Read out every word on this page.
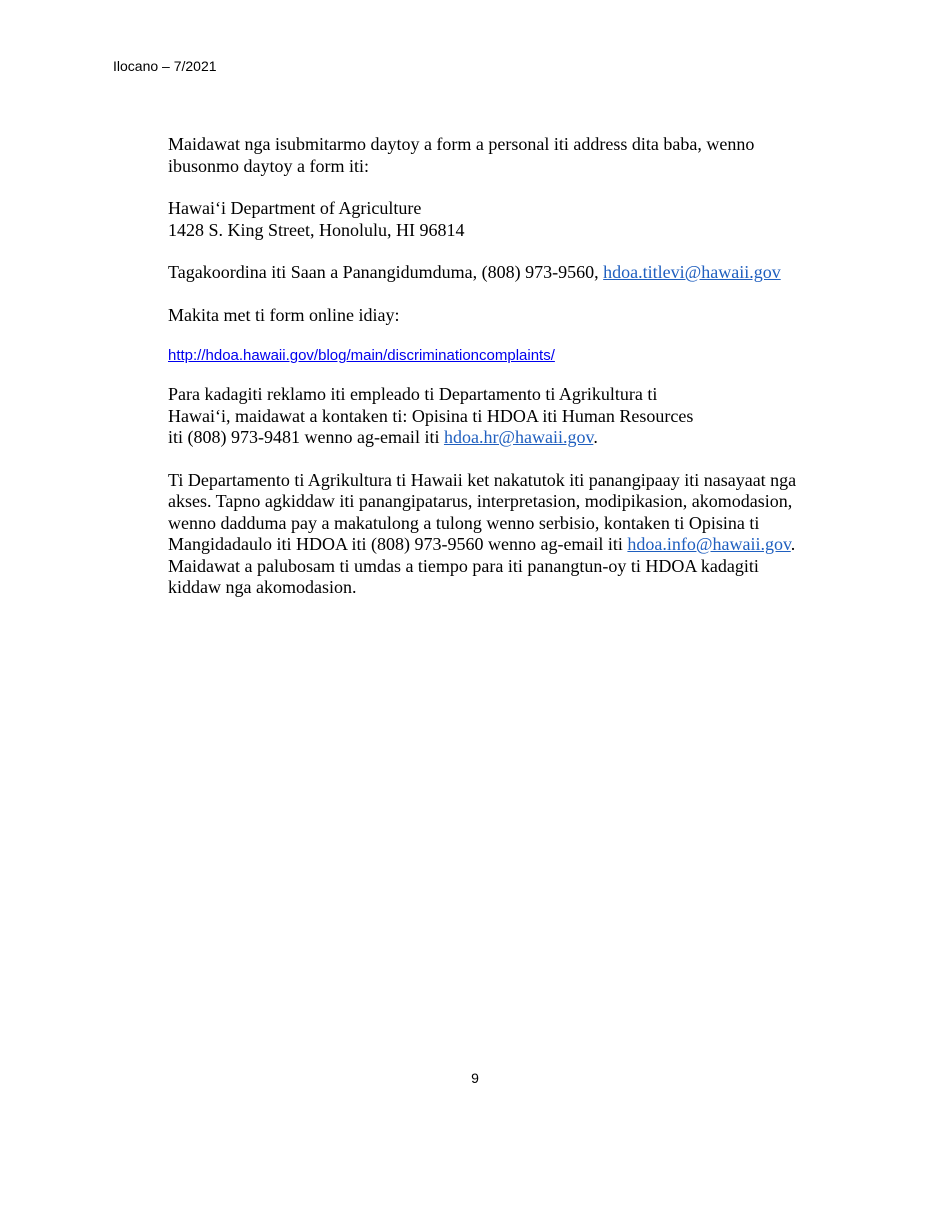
Ilocano – 7/2021

Maidawat nga isubmitarmo daytoy a form a personal iti address dita baba, wenno
ibusonmo daytoy a form iti:

Hawai‘i Department of Agriculture
1428 S. King Street, Honolulu, HI 96814

Tagakoordina iti Saan a Panangidumduma, (808) 973-9560, hdoa.titlevi@hawaii.gov

Makita met ti form online idiay:

http://hdoa.hawaii.gov/blog/main/discriminationcomplaints/

Para kadagiti reklamo iti empleado ti Departamento ti Agrikultura ti
Hawai‘i, maidawat a kontaken ti: Opisina ti HDOA iti Human Resources
iti (808) 973-9481 wenno ag-email iti hdoa.hr@hawaii.gov.

Ti Departamento ti Agrikultura ti Hawaii ket nakatutok iti panangipaay iti nasayaat nga
akses. Tapno agkiddaw iti panangipatarus, interpretasion, modipikasion, akomodasion,
wenno dadduma pay a makatulong a tulong wenno serbisio, kontaken ti Opisina ti
Mangidadaulo iti HDOA iti (808) 973-9560 wenno ag-email iti hdoa.info@hawaii.gov.
Maidawat a palubosam ti umdas a tiempo para iti panangtun-oy ti HDOA kadagiti
kiddaw nga akomodasion.

9
